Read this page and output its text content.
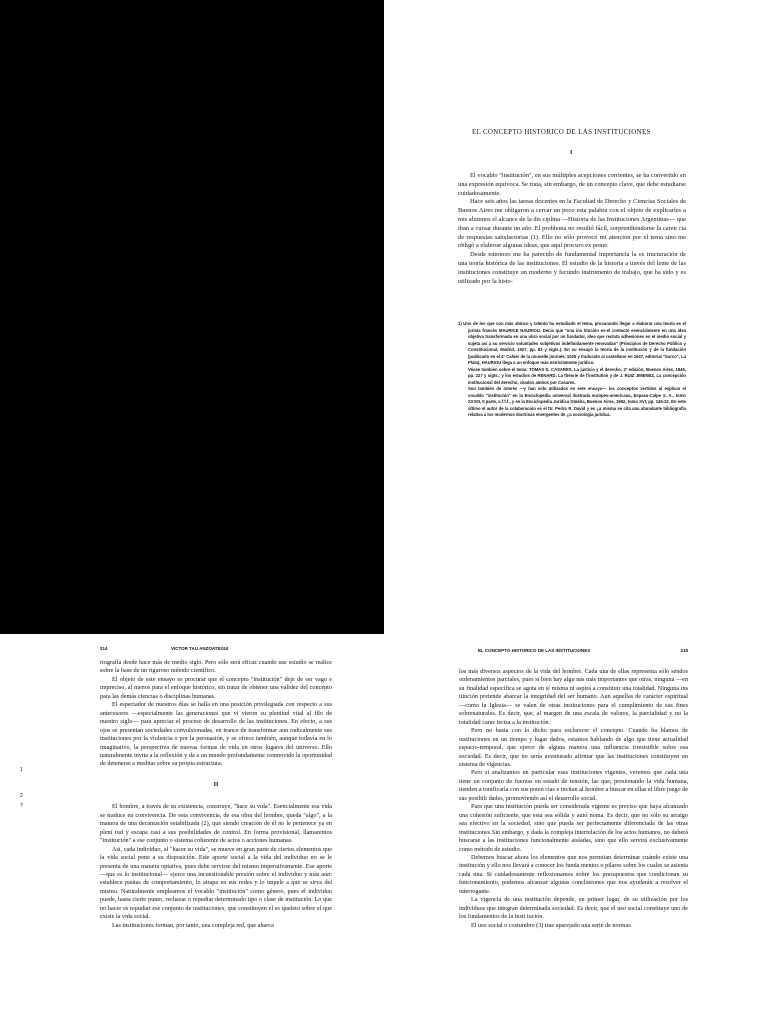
EL CONCEPTO HISTORICO DE LAS INSTITUCIONES
I

El vocablo "institución", en sus múltiples acepciones corrientes, se ha convertido en una expresión equívoca. Se trata, sin embargo, de un concepto clave, que debe estudiarse cuidadosamente.

Hace seis años las tareas docentes en la Facultad de Derecho y Ciencias Sociales de Buenos Aires me obligaron a cercar un poco esta palabra con el objeto de explicarles a mis alumnos el alcance de la dis ciplina —Historia de las Instituciones Argentinas— que iban a cursar durante un año. El problema no resultó fácil, sorprendiéndome la caren cia de respuestas satisfactorias (1). Ello no sólo provocó mi atención por el tema sino me obligó a elaborar algunas ideas, que aquí procuro ex poner.

Desde entonces me ha parecido de fundamental importancia la es tructuración de una teoría histórica de las instituciones. El estudio de la historia a través del lente de las instituciones constituye un moderno y fecundo instrumento de trabajo, que ha sido y es utilizado por la histo-

1) Uno de los que con más ahinco y talento ha estudiado el tema, procurando llegar a elaborar una teoría es el jurista francés MAURICE HAURIOU. Decía que "una ins titución es-el contacto esencialmente en una idea objetiva transformada en una obra social por un fundador, idea que recluta adhesiones en el medio social y sujeta así a su servicio voluntades subjetivas indefinidamente renovadas" (Principios de Derecho Público y Constitucional, Madrid, 1927, pp. 83 y sigts.). En su ensayo la teoría de la institución y de la fundación (publicado en el 4º Cahier de la nouvelle journée, 1925 y traducido al castellano en 1947, editorial "Surco", La Plata), HAURIOU llega a un enfoque más estrictamente jurídico.

Véase también sobre el tema: TOMAS D. CASARES, La justicia y el derecho, 2º edición, Buenos Aires, 1945, pp. 227 y sigts.; y los estudios de RENARD, La théorie de l'institution y de J. RUIZ JIMENEZ, La concepción institucional del derecho, citados ambos por Casares.

Son también de interés —y han sido utilizados en este ensayo— los conceptos vertidos al explicar el vocablo "institución" en la Enciclopedia universal ilustrada europeo-americana, Espasa-Calpe S. A., tomo XXVIII, II parte, s.f.f.f., y en la Enciclopedia Jurídica Omeba, Buenos Aires, 1962, tomo XVI, pp. 149-22. En este último el autor de la colaboración es el Dr. Pedro R. David y es ¿a misma se cita una abundante bibliografía relativa a los modernos doctrinas emergentes de ¿a sociología jurídica.

214	VICTOR TAU ANZOATEGUI
1
2
?

riografía desde hace más de medio siglo. Pero sólo será eficaz cuando use estudio se realice sobre la base de un riguroso método científico.

El objeto de este ensayo es procurar que el concepto "institución" deje de ser vago e impreciso, al menos para el enfoque histórico, sin tratar de obtener una validez del concepto para las demás ciencias o disciplinas humanas.

El espectador de nuestros días se halla en una posición privilegiada con respecto a sus antecesores —especialmente las generaciones que vi vieron su plenitud vital al filo de nuestro siglo— para apreciar el proceso de desarrollo de las instituciones. En efecto, a sus ojos se presentan sociedades convulsionadas, en trance de transformar aun radicalmente sus instituciones por la violencia o por la persuasión, y se ofrece también, aunque todavía en lo imaginativo, la perspectiva de nuevas formas de vida en otros lugares del universo. Ello naturalmente invita a la reflexión y da a un mundo profundamente conmovido la oportunidad de detenerse a meditar sobre su propia estructura.

II

El hombre, a través de su existencia, construye, "hace su vida". Esencialmente esa vida se traduce en convivencia. De esta convivencia, de esa obra del hombre, queda "algo", a la manera de una decantación estabilizada (2), que siendo creación de él no le pertenece ya en pleni tud y escapa casi a sus posibilidades de control. En forma provisional, llamaremos "institución" a ese conjunto o sistema coherente de actos o acciones humanas.

Así, cada individuo, al "hacer su vida", se mueve en gran parte de ciertos elementos que la vida social pone a su disposición. Este aporte social a la vida del individuo no se le presenta de una manera optativa, pues debe servirse del mismo imperativamente. Ese aporte —que es lo institucional— ejerce una incuestionable presión sobre el individuo y más aún: establece pautas de comportamiento, lo atrapa en sus redes y lo impele a que se sirva del mismo. Naturalmente empleamos el vocablo "institución" como género, pues el individuo puede, hasta cierto punto, rechazar o repudiar determinado tipo o clase de institución. Lo que no hacer es repudiar ese conjunto de instituciones, que constituyen el es queleto sobre el que existe la vida social.

Las instituciones forman, por tanto, una compleja red, que abarca

EL CONCEPTO HISTORICO DE LAS INSTITUCIONES	215

los más diversos aspectos de la vida del hombre. Cada una de ellas representa sólo sendos ordenamientos parciales, pues si bien hay algu nas más importantes que otras, ninguna —en su finalidad específica se agota en sí misma ni aspira a constituir una totalidad. Ninguna ins titución pretende abarcar la integridad del ser humano. Aun aquellas de carácter espiritual —como la Iglesia— se valen de otras instituciones para el cumplimiento de sus fines sobrenaturales. Es decir, que, al margen de una escala de valores, la parcialidad y no la totalidad carac teriza a la institución.

Pero no basta con lo dicho para esclarecer el concepto. Cuando ha blamos de instituciones en un tiempo y lugar dados, estamos hablando de algo que tiene actualidad espacio-temporal, que ejerce de alguna manera una influencia irresistible sobre esa sociedad. Es decir, que no sería aventurado afirmar que las instituciones constituyen un sistema de vigencias.

Pero si analizamos un particular esas instituciones vigentes, veremos que cada una tiene un conjunto de fuerzas en estado de tensión, las que, presionando la vida humana, tienden a tonificarla con sus poten cias e incitan al hombre a buscar en ellas el libre juego de sus posibili dades, promoviendo así el desarrollo social.

Para que una institución pueda ser considerada vigente es preciso que haya alcanzado una cohesión suficiente, que esta sea sólida y autó noma. Es decir, que no sólo su arraigo sea efectivo en la sociedad, sino que pueda ser perfectamente diferenciada de las otras instituciones Sin embargo, y dada la compleja interrelación de los actos humanos, no deberá buscarse a las instituciones funcionalmente aisladas, sino que ello servirá exclusivamente como método de estudio.

Debemos buscar ahora los elementos que nos permitan determinar cuándo existe una institución y ello nos llevará a conocer los funda mentos o pilares sobre los cuales se asienta cada una. Si cuidadosamente reflexionamos sobre los presupuestos que condicionan su funcionamiento, podemos alcanzar algunas conclusiones que nos ayudarán a resolver el interrogante.

La vigencia de una institución depende, en primer lugar, de su utilización por los individuos que integran determinada sociedad. Es decir, que el uso social constituye uno de los fundamentos de la insti tución.

El uso social o costumbre (3) trae aparejado una serie de normas
